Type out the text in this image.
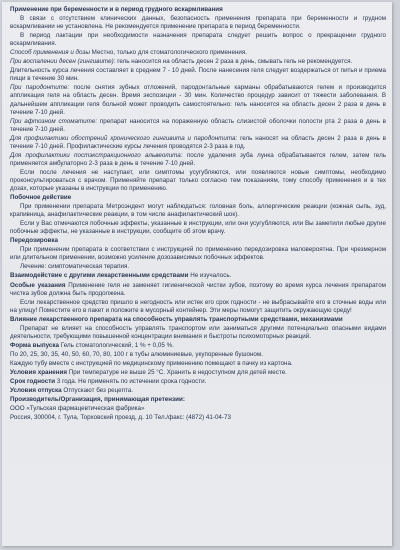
Применение при беременности и в период грудного вскармливания

В связи с отсутствием клинических данных, безопасность применения препарата при беременности и грудном вскармливании не установлена. Не рекомендуется применение препарата в период беременности.

В период лактации при необходимости назначения препарата следует решить вопрос о прекращении грудного вскармливания.

Способ применения и дозы Местно, только для стоматологического применения.

При воспалении десен (гингивите): гель наносится на область десен 2 раза в день, смывать гель не рекомендуется.

Длительность курса лечения составляет в среднем 7 - 10 дней. После нанесения геля следует воздержаться от питья и приема пищи в течение 30 мин.

При пародонтите: после снятия зубных отложений, пародонтальные карманы обрабатываются гелем и производится аппликация геля на область десен. Время экспозиции - 30 мин. Количество процедур зависит от тяжести заболевания. В дальнейшем аппликации геля больной может проводить самостоятельно: гель наносится на область десен 2 раза в день в течение 7-10 дней.

При афтозном стоматите: препарат наносится на пораженную область слизистой оболочки полости рта 2 раза в день в течение 7-10 дней.

Для профилактики обострений хронического гингивита и пародонтита: гель наносят на область десен 2 раза в день в течение 7-10 дней. Профилактические курсы лечения проводятся 2-3 раза в год.

Для профилактики постэкстракционного альвеолита: после удаления зуба лунка обрабатывается гелем, затем гель применяется амбулаторно 2-3 раза в день в течение 7-10 дней.

Если после лечения не наступает, или симптомы усугубляются, или появляются новые симптомы, необходимо проконсультироваться с врачом. Применяйте препарат только согласно тем показаниям, тому способу применения и в тех дозах, которые указаны в инструкции по применению.

Побочное действие

При применении препарата Метроэндент могут наблюдаться: головная боль, аллергические реакции (кожная сыпь, зуд, крапивница, анафилактические реакции, в том числе анафилактический шок).

Если у Вас отмечаются побочные эффекты, указанные в инструкции, или они усугубляются, или Вы заметили любые другие побочные эффекты, не указанные в инструкции, сообщите об этом врачу.

Передозировка

При применении препарата в соответствии с инструкцией по применению передозировка маловероятна. При чрезмерном или длительном применении, возможно усиление дозозависимых побочных эффектов.

Лечение: симптоматическая терапия.

Взаимодействие с другими лекарственными средствами Не изучалось.

Особые указания Применение геля не заменяет гигиенической чистки зубов, поэтому во время курса лечения препаратом чистка зубов должна быть продолжена.

Если лекарственное средство пришло в негодность или истек его срок годности - не выбрасывайте его в сточные воды или на улицу! Поместите его в пакет и положите в мусорный контейнер. Эти меры помогут защитить окружающую среду!

Влияние лекарственного препарата на способность управлять транспортными средствами, механизмами

Препарат не влияет на способность управлять транспортом или заниматься другими потенциально опасными видами деятельности, требующими повышенной концентрации внимания и быстроты психомоторных реакций.

Форма выпуска Гель стоматологический, 1 % + 0,05 %.

По 20, 25, 30, 35, 40, 50, 60, 70, 80, 100 г в тубы алюминиевые, укупоренные бушоном.

Каждую тубу вместе с инструкцией по медицинскому применению помещают в пачку из картона.

Условия хранения При температуре не выше 25 °С. Хранить в недоступном для детей месте.

Срок годности 3 года. Не применять по истечении срока годности.

Условия отпуска Отпускают без рецепта.

Производитель/Организация, принимающая претензии:

ООО «Тульская фармацевтическая фабрика»

Россия, 300004, г. Тула, Торховский проезд, д. 10 Тел./факс: (4872) 41-04-73
